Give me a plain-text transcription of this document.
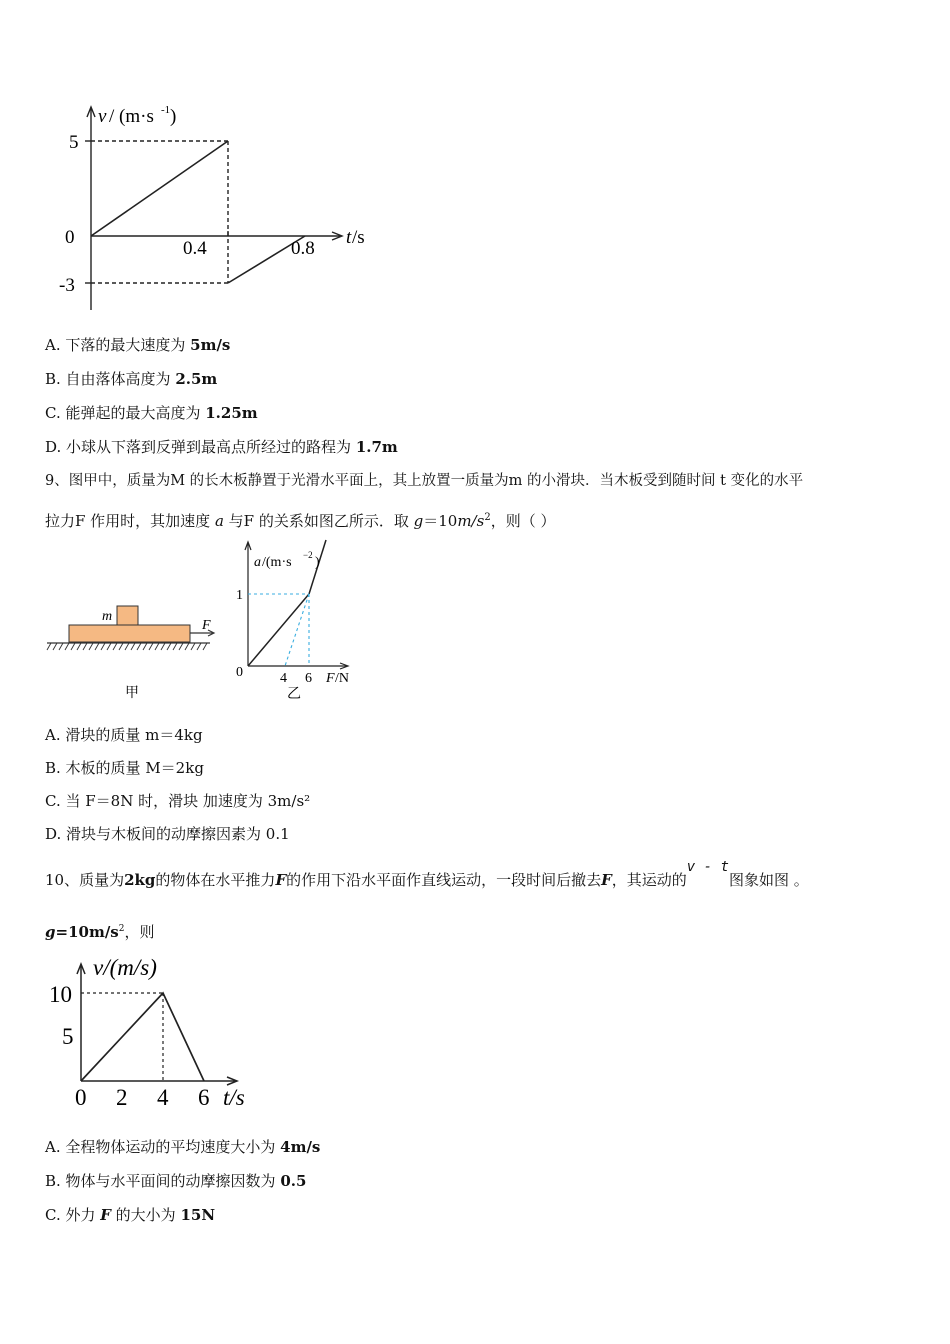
v / (m·s -1 )
5
0
-3
0.4	0.8
t /s
A. 下落的最大速度为 5m/s
B. 自由落体高度为 2.5m
C. 能弹起的最大高度为 1.25m
D. 小球从下落到反弹到最高点所经过的路程为 1.7m
9、图甲中，质量为M 的长木板静置于光滑水平面上，其上放置一质量为m 的小滑块．当木板受到随时间 t 变化的水平
拉力F 作用时，其加速度 a 与F 的关系如图乙所示．取 $g=10m/s^2$，则（ ）
m
F
甲
a /(m·s −2 )
1
0	4 6 F /N
乙
A. 滑块的质量 m＝4kg
B. 木板的质量 M＝2kg
C. 当 F＝8N 时，滑块 加速度为 3m/s²
D. 滑块与木板间的动摩擦因素为 0.1
10、质量为2kg的物体在水平推力F的作用下沿水平面作直线运动，一段时间后撤去F，其运动的v - t图象如图 。
$g=10m/s^2$，则
v/(m/s)
10
5
0 2 4 6 t/s
A. 全程物体运动的平均速度大小为 4m/s
B. 物体与水平面间的动摩擦因数为 0.5
C. 外力 F 的大小为 15N
